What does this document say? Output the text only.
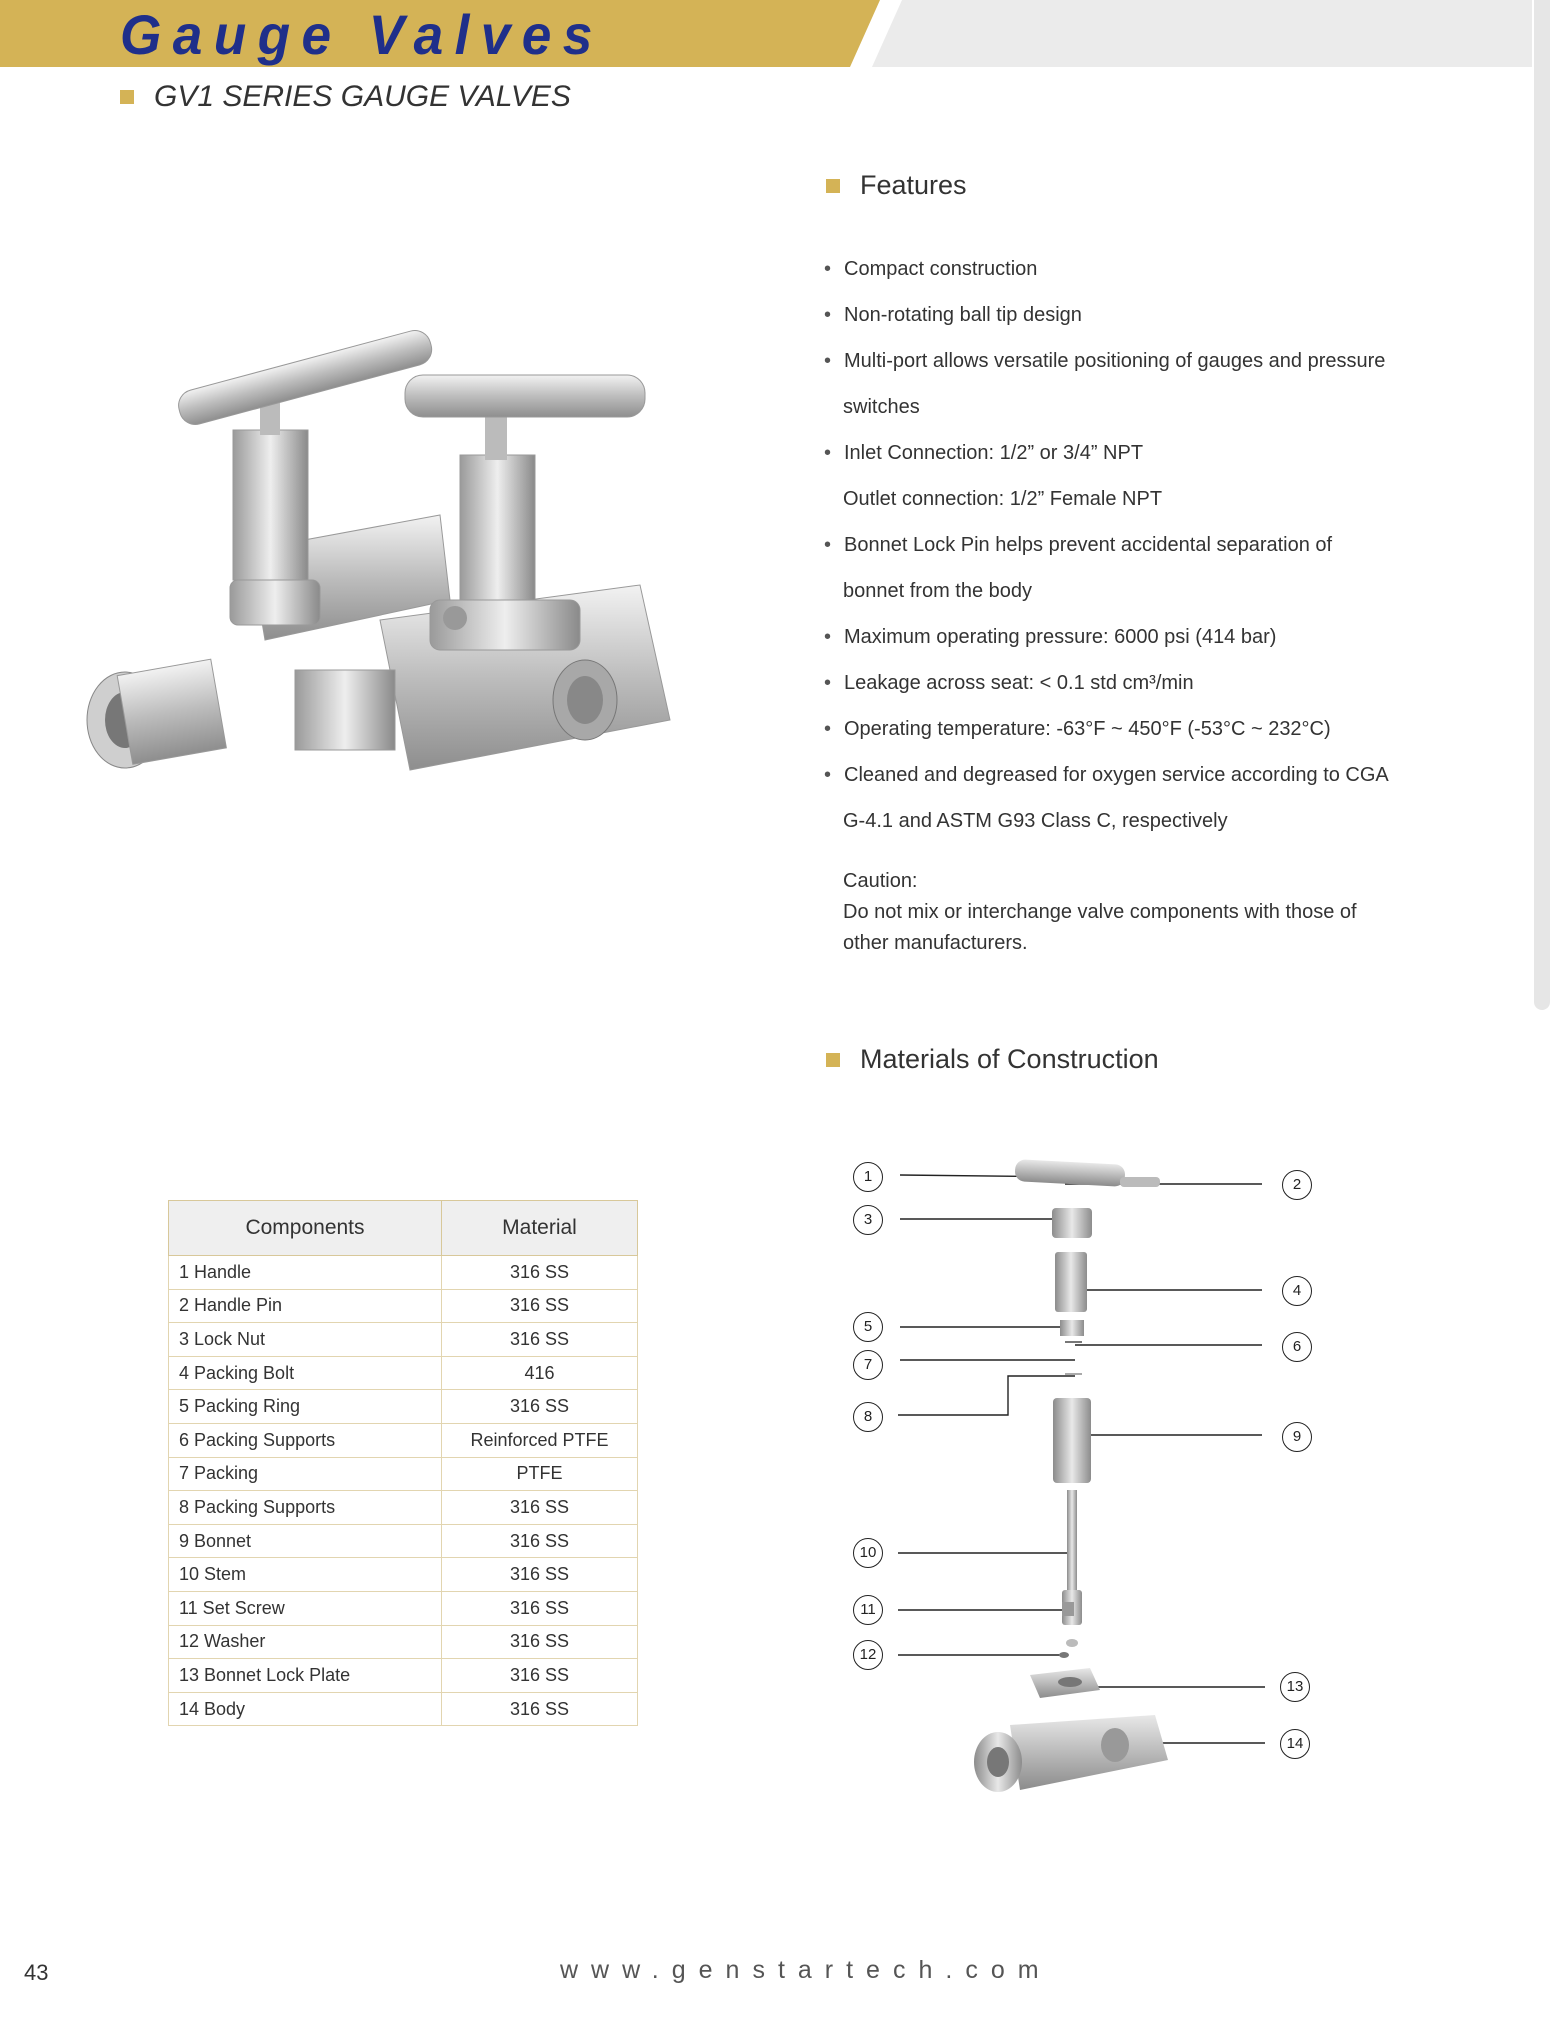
Gauge Valves
GV1 SERIES GAUGE VALVES
Features
• Compact construction
• Non-rotating ball tip design
• Multi-port allows versatile positioning of gauges and pressure
switches
• Inlet Connection: 1/2” or 3/4” NPT
Outlet connection: 1/2” Female NPT
• Bonnet Lock Pin helps prevent accidental separation of
bonnet from the body
• Maximum operating pressure: 6000 psi (414 bar)
• Leakage across seat: < 0.1 std cm³/min
• Operating temperature: -63°F ~ 450°F (-53°C ~ 232°C)
• Cleaned and degreased for oxygen service according to CGA
G-4.1 and ASTM G93 Class C, respectively
Caution:
Do not mix or interchange valve components with those of
other manufacturers.
Materials of Construction
Components	Material
1 Handle	316 SS
2 Handle Pin	316 SS
3 Lock Nut	316 SS
4 Packing Bolt	416
5 Packing Ring	316 SS
6 Packing Supports	Reinforced PTFE
7 Packing	PTFE
8 Packing Supports	316 SS
9 Bonnet	316 SS
10 Stem	316 SS
11 Set Screw	316 SS
12 Washer	316 SS
13 Bonnet Lock Plate	316 SS
14 Body	316 SS
1	2
3
4
5
6
7
8
9
10
11
12
13
14
43	www.genstartech.com
